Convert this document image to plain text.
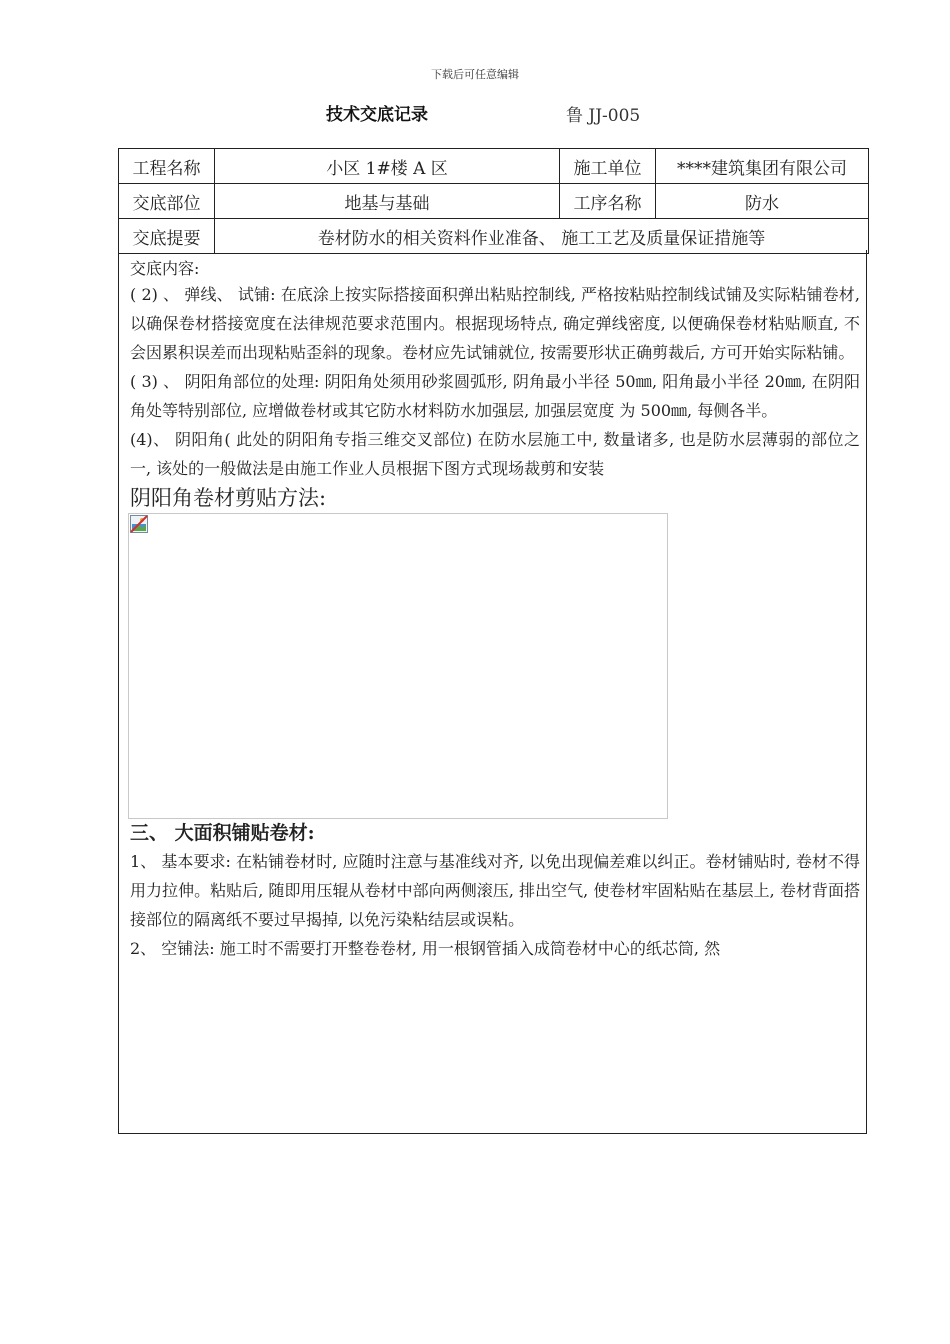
下载后可任意编辑
技术交底记录	鲁 JJ-005
工程名称	小区 1#楼 A 区	施工单位	****建筑集团有限公司
交底部位	地基与基础	工序名称	防水
交底提要	卷材防水的相关资料作业准备、 施工工艺及质量保证措施等		

交底内容:

( 2) 、 弹线、 试铺: 在底涂上按实际搭接面积弹出粘贴控制线, 严格按粘贴控制线试铺及实际粘铺卷材, 以确保卷材搭接宽度在法律规范要求范围内。根据现场特点, 确定弹线密度, 以便确保卷材粘贴顺直, 不会因累积误差而出现粘贴歪斜的现象。卷材应先试铺就位, 按需要形状正确剪裁后, 方可开始实际粘铺。

( 3) 、 阴阳角部位的处理: 阴阳角处须用砂浆圆弧形, 阴角最小半径 50㎜, 阳角最小半径 20㎜, 在阴阳角处等特别部位, 应增做卷材或其它防水材料防水加强层, 加强层宽度 为 500㎜, 每侧各半。

(4)、 阴阳角( 此处的阴阳角专指三维交叉部位) 在防水层施工中, 数量诸多, 也是防水层薄弱的部位之一, 该处的一般做法是由施工作业人员根据下图方式现场裁剪和安装

阴阳角卷材剪贴方法:

三、 大面积铺贴卷材:

1、 基本要求: 在粘铺卷材时, 应随时注意与基准线对齐, 以免出现偏差难以纠正。卷材铺贴时, 卷材不得用力拉伸。粘贴后, 随即用压辊从卷材中部向两侧滚压, 排出空气, 使卷材牢固粘贴在基层上, 卷材背面搭接部位的隔离纸不要过早揭掉, 以免污染粘结层或误粘。

2、 空铺法: 施工时不需要打开整卷卷材, 用一根钢管插入成筒卷材中心的纸芯筒, 然
